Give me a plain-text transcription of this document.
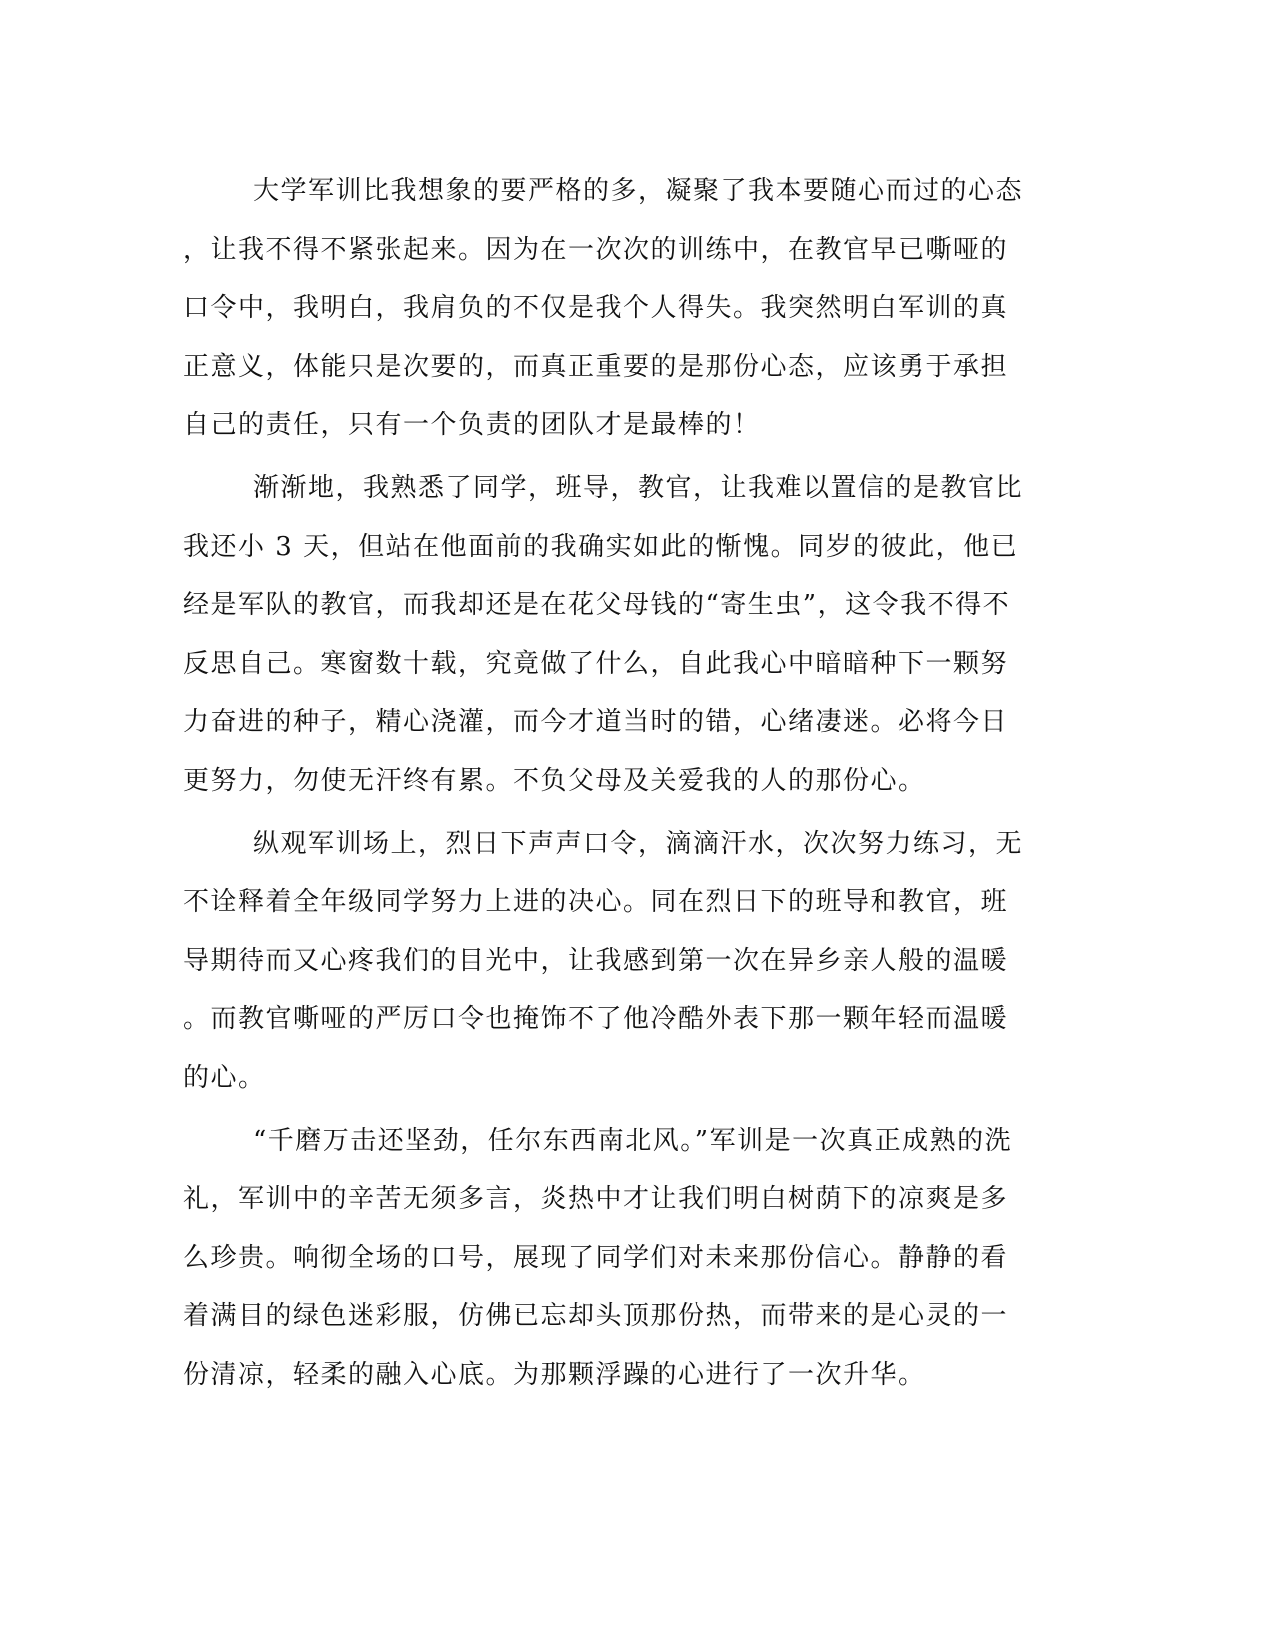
大学军训比我想象的要严格的多，凝聚了我本要随心而过的心态
，让我不得不紧张起来。因为在一次次的训练中，在教官早已嘶哑的
口令中，我明白，我肩负的不仅是我个人得失。我突然明白军训的真
正意义，体能只是次要的，而真正重要的是那份心态，应该勇于承担
自己的责任，只有一个负责的团队才是最棒的！
渐渐地，我熟悉了同学，班导，教官，让我难以置信的是教官比
我还小 3 天，但站在他面前的我确实如此的惭愧。同岁的彼此，他已
经是军队的教官，而我却还是在花父母钱的“寄生虫”，这令我不得不
反思自己。寒窗数十载，究竟做了什么，自此我心中暗暗种下一颗努
力奋进的种子，精心浇灌，而今才道当时的错，心绪凄迷。必将今日
更努力，勿使无汗终有累。不负父母及关爱我的人的那份心。
纵观军训场上，烈日下声声口令，滴滴汗水，次次努力练习，无
不诠释着全年级同学努力上进的决心。同在烈日下的班导和教官，班
导期待而又心疼我们的目光中，让我感到第一次在异乡亲人般的温暖
。而教官嘶哑的严厉口令也掩饰不了他冷酷外表下那一颗年轻而温暖
的心。
“千磨万击还坚劲，任尔东西南北风。”军训是一次真正成熟的洗
礼，军训中的辛苦无须多言，炎热中才让我们明白树荫下的凉爽是多
么珍贵。响彻全场的口号，展现了同学们对未来那份信心。静静的看
着满目的绿色迷彩服，仿佛已忘却头顶那份热，而带来的是心灵的一
份清凉，轻柔的融入心底。为那颗浮躁的心进行了一次升华。
